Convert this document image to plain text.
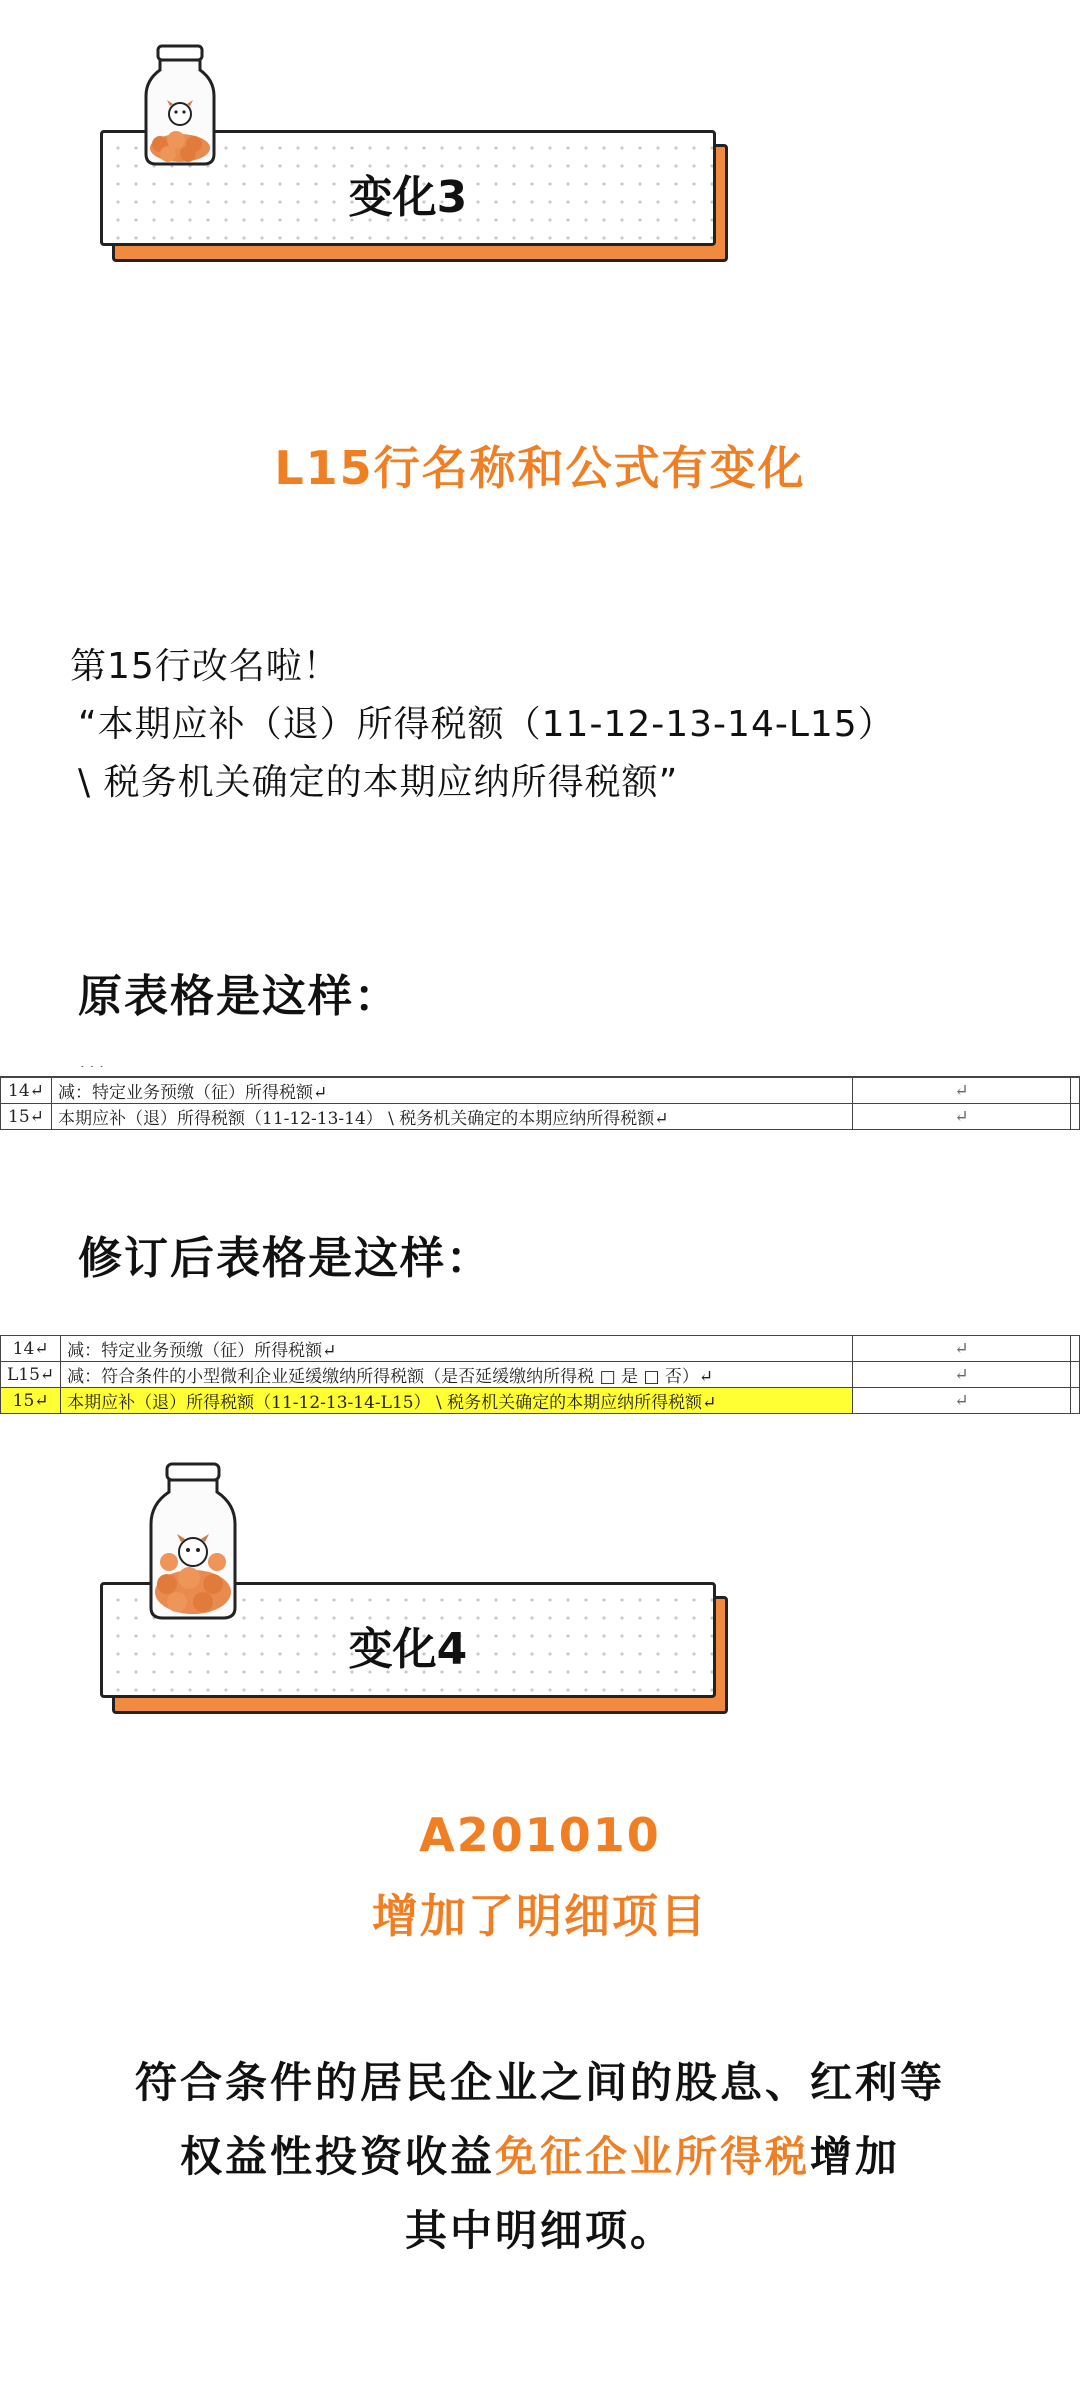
变化3
L15行名称和公式有变化
第15行改名啦！
“本期应补（退）所得税额（11-12-13-14-L15）
\ 税务机关确定的本期应纳所得税额”
原表格是这样：
· · ·
14↵	减：特定业务预缴（征）所得税额↵	↵	
15↵	本期应补（退）所得税额（11-12-13-14） \ 税务机关确定的本期应纳所得税额↵	↵	
修订后表格是这样：
14↵	减：特定业务预缴（征）所得税额↵	↵	
L15↵	减：符合条件的小型微利企业延缓缴纳所得税额（是否延缓缴纳所得税 □ 是 □ 否）↵	↵	
15↵	本期应补（退）所得税额（11-12-13-14-L15） \ 税务机关确定的本期应纳所得税额↵	↵	
变化4
A201010
增加了明细项目
符合条件的居民企业之间的股息、红利等
权益性投资收益免征企业所得税增加
其中明细项。
